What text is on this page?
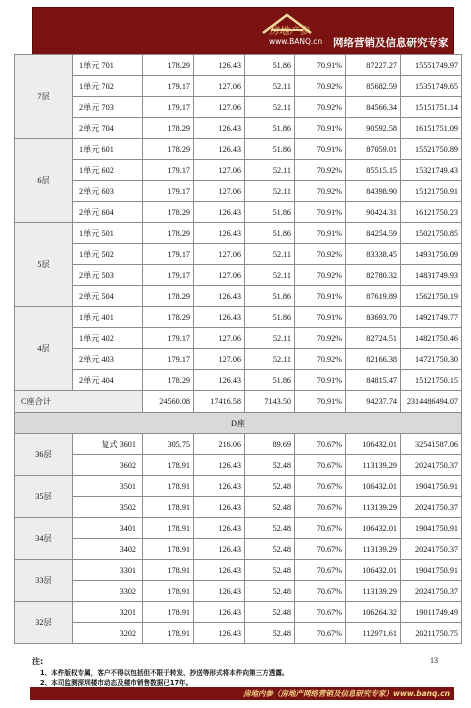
房地产参
www.BANQ.cn 网络营销及信息研究专家
7层	1单元 701	178.29	126.43	51.86	70.91%	87227.27	15551749.97
	1单元 702	179.17	127.06	52.11	70.92%	85682.59	15351749.65
	2单元 703	179.17	127.06	52.11	70.92%	84566.34	15151751.14
	2单元 704	178.29	126.43	51.86	70.91%	90592.58	16151751.09
6层	1单元 601	178.29	126.43	51.86	70.91%	87059.01	15521750.89
	1单元 602	179.17	127.06	52.11	70.92%	85515.15	15321749.43
	2单元 603	179.17	127.06	52.11	70.92%	84398.90	15121750.91
	2单元 604	178.29	126.43	51.86	70.91%	90424.31	16121750.23
5层	1单元 501	178.29	126.43	51.86	70.91%	84254.59	15021750.85
	1单元 502	179.17	127.06	52.11	70.92%	83338.45	14931750.09
	2单元 503	179.17	127.06	52.11	70.92%	82780.32	14831749.93
	2单元 504	178.29	126.43	51.86	70.91%	87619.89	15621750.19
4层	1单元 401	178.29	126.43	51.86	70.91%	83693.70	14921749.77
	1单元 402	179.17	127.06	52.11	70.92%	82724.51	14821750.46
	2单元 403	179.17	127.06	52.11	70.92%	82166.38	14721750.30
	2单元 404	178.29	126.43	51.86	70.91%	84815.47	15121750.15
C座合计		24560.08	17416.58	7143.50	70.91%	94237.74	2314486494.07
D座							
36层	复式 3601	305.75	216.06	89.69	70.67%	106432.01	32541587.06
	3602	178.91	126.43	52.48	70.67%	113139.29	20241750.37
35层	3501	178.91	126.43	52.48	70.67%	106432.01	19041750.91
	3502	178.91	126.43	52.48	70.67%	113139.29	20241750.37
34层	3401	178.91	126.43	52.48	70.67%	106432.01	19041750.91
	3402	178.91	126.43	52.48	70.67%	113139.29	20241750.37
33层	3301	178.91	126.43	52.48	70.67%	106432.01	19041750.91
	3302	178.91	126.43	52.48	70.67%	113139.29	20241750.37
32层	3201	178.91	126.43	52.48	70.67%	106264.32	19011749.49
	3202	178.91	126.43	52.48	70.67%	112971.61	20211750.75
注:
1、本件版权专属，客户不得以包括但不限于转发、抄送等形式将本件向第三方透露。
2、本司监测深圳楼市动态及楼市销售数据已17年。
房地内参（房地产网络营销及信息研究专家）www.banq.cn
13
